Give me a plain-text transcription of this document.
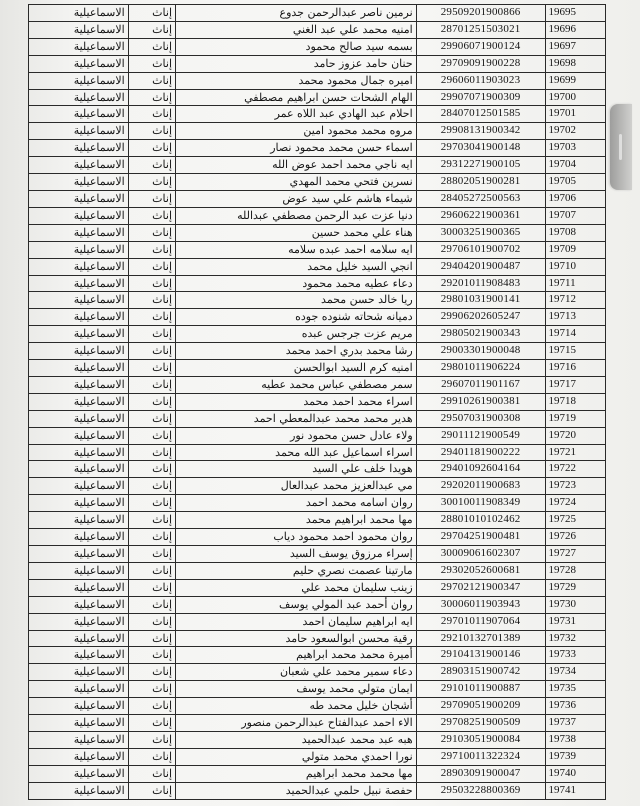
الاسماعيلية	إناث	نرمين ناصر عبدالرحمن جدوع	29509201900866	19695
الاسماعيلية	إناث	امنيه محمد علي عبد الغني	28701251503021	19696
الاسماعيلية	إناث	بسمه سيد صالح محمود	29906071900124	19697
الاسماعيلية	إناث	حنان حامد عزوز حامد	29709091900228	19698
الاسماعيلية	إناث	اميره جمال محمود محمد	29606011903023	19699
الاسماعيلية	إناث	الهام الشحات حسن ابراهيم مصطفي	29907071900309	19700
الاسماعيلية	إناث	احلام عبد الهادي عبد اللاه عمر	28407012501585	19701
الاسماعيلية	إناث	مروه محمد محمود امين	29908131900342	19702
الاسماعيلية	إناث	اسماء حسن محمد محمود نصار	29703041900148	19703
الاسماعيلية	إناث	ايه ناجي محمد احمد عوض الله	29312271900105	19704
الاسماعيلية	إناث	نسرين فتحي محمد المهدي	28802051900281	19705
الاسماعيلية	إناث	شيماء هاشم علي سيد عوض	28405272500563	19706
الاسماعيلية	إناث	دنيا عزت عبد الرحمن مصطفي عبدالله	29606221900361	19707
الاسماعيلية	إناث	هناء علي محمد حسين	30003251900365	19708
الاسماعيلية	إناث	ايه سلامه احمد عبده سلامه	29706101900702	19709
الاسماعيلية	إناث	انجي السيد خليل محمد	29404201900487	19710
الاسماعيلية	إناث	دعاء عطيه محمد محمود	29201011908483	19711
الاسماعيلية	إناث	ريا خالد حسن محمد	29801031900141	19712
الاسماعيلية	إناث	دميانه شحاته شنوده جوده	29906202605247	19713
الاسماعيلية	إناث	مريم عزت جرجس عبده	29805021900343	19714
الاسماعيلية	إناث	رشا محمد بدري احمد محمد	29003301900048	19715
الاسماعيلية	إناث	امنيه كرم السيد ابوالحسن	29801011906224	19716
الاسماعيلية	إناث	سمر مصطفي عباس محمد عطيه	29607011901167	19717
الاسماعيلية	إناث	اسراء محمد احمد محمد	29910261900381	19718
الاسماعيلية	إناث	هدير محمد محمد عبدالمعطي احمد	29507031900308	19719
الاسماعيلية	إناث	ولاء عادل حسن محمود نور	29011121900549	19720
الاسماعيلية	إناث	اسراء اسماعيل عبد الله محمد	29401181900222	19721
الاسماعيلية	إناث	هويدا خلف علي السيد	29401092604164	19722
الاسماعيلية	إناث	مي عبدالعزيز محمد عبدالعال	29202011900683	19723
الاسماعيلية	إناث	روان اسامه محمد احمد	30010011908349	19724
الاسماعيلية	إناث	مها محمد ابراهيم محمد	28801010102462	19725
الاسماعيلية	إناث	روان محمود احمد محمود دياب	29704251900481	19726
الاسماعيلية	إناث	إسراء مرزوق يوسف السيد	30009061602307	19727
الاسماعيلية	إناث	مارتينا عصمت نصري حليم	29302052600681	19728
الاسماعيلية	إناث	زينب سليمان محمد علي	29702121900347	19729
الاسماعيلية	إناث	روان أحمد عبد المولي يوسف	30006011903943	19730
الاسماعيلية	إناث	ايه ابراهيم سليمان احمد	29701011907064	19731
الاسماعيلية	إناث	رقية محسن ابوالسعود حامد	29210132701389	19732
الاسماعيلية	إناث	أميرة محمد محمد ابراهيم	29104131900146	19733
الاسماعيلية	إناث	دعاء سمير محمد علي شعبان	28903151900742	19734
الاسماعيلية	إناث	ايمان متولي محمد يوسف	29101011900887	19735
الاسماعيلية	إناث	أشجان خليل محمد طه	29709051900209	19736
الاسماعيلية	إناث	الاء احمد عبدالفتاح عبدالرحمن منصور	29708251900509	19737
الاسماعيلية	إناث	هبه عبد محمد عبدالحميد	29103051900084	19738
الاسماعيلية	إناث	نورا احمدي محمد متولي	29710011322324	19739
الاسماعيلية	إناث	مها محمد محمد ابراهيم	28903091900047	19740
الاسماعيلية	إناث	حفصة نبيل حلمي عبدالحميد	29503228800369	19741
